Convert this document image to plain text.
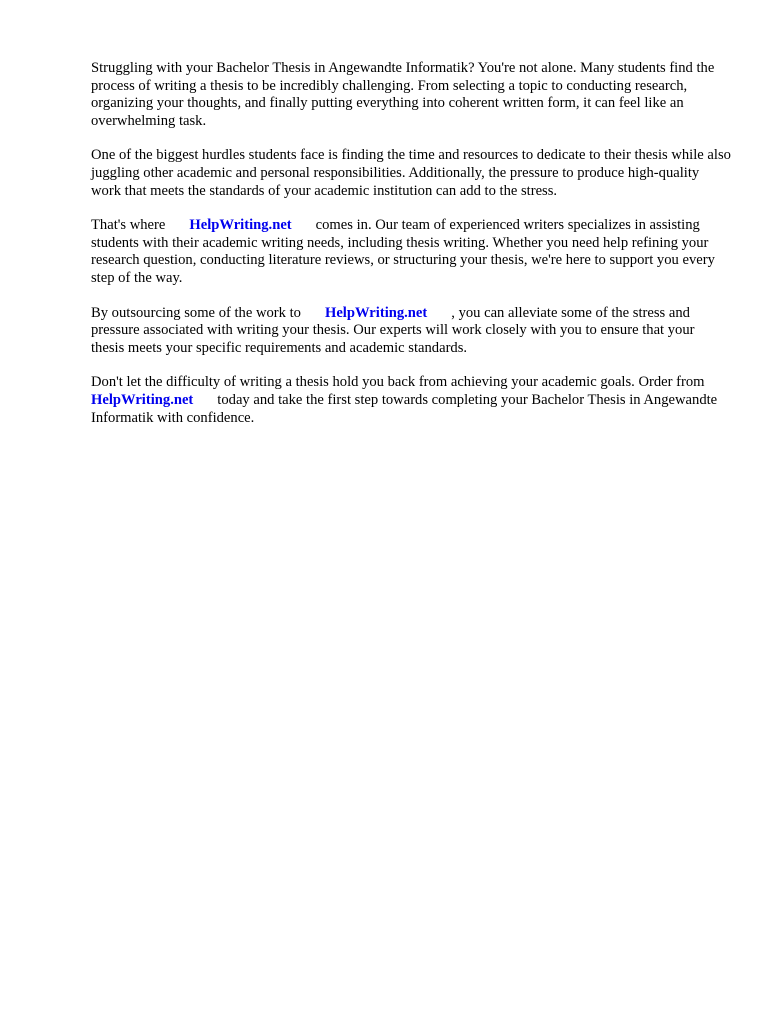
Struggling with your Bachelor Thesis in Angewandte Informatik? You're not alone. Many students find the process of writing a thesis to be incredibly challenging. From selecting a topic to conducting research, organizing your thoughts, and finally putting everything into coherent written form, it can feel like an overwhelming task.

One of the biggest hurdles students face is finding the time and resources to dedicate to their thesis while also juggling other academic and personal responsibilities. Additionally, the pressure to produce high-quality work that meets the standards of your academic institution can add to the stress.

That's where HelpWriting.net comes in. Our team of experienced writers specializes in assisting students with their academic writing needs, including thesis writing. Whether you need help refining your research question, conducting literature reviews, or structuring your thesis, we're here to support you every step of the way.

By outsourcing some of the work to HelpWriting.net , you can alleviate some of the stress and pressure associated with writing your thesis. Our experts will work closely with you to ensure that your thesis meets your specific requirements and academic standards.

Don't let the difficulty of writing a thesis hold you back from achieving your academic goals. Order fromHelpWriting.net today and take the first step towards completing your Bachelor Thesis in Angewandte Informatik with confidence.
